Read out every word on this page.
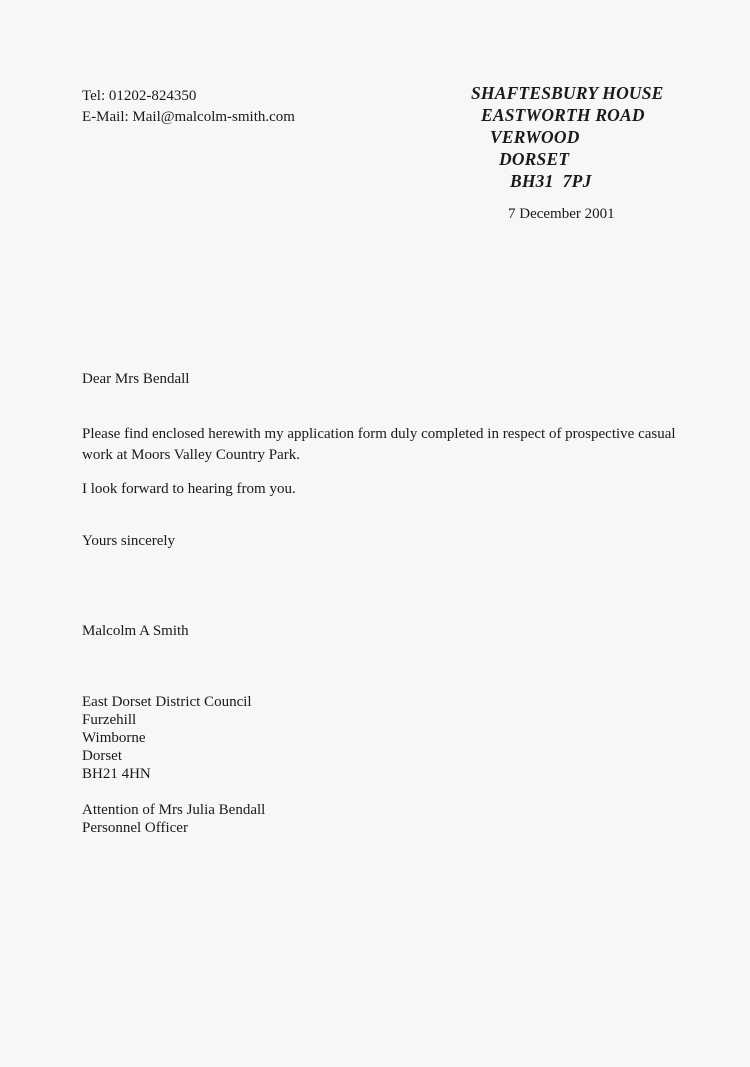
Tel: 01202-824350
E-Mail: Mail@malcolm-smith.com
SHAFTESBURY HOUSE
EASTWORTH ROAD
VERWOOD
DORSET
BH31  7PJ
7 December 2001
Dear Mrs Bendall
Please find enclosed herewith my application form duly completed in respect of prospective casual work at Moors Valley Country Park.
I look forward to hearing from you.
Yours sincerely
Malcolm A Smith
East Dorset District Council
Furzehill
Wimborne
Dorset
BH21 4HN
Attention of Mrs Julia Bendall
Personnel Officer
